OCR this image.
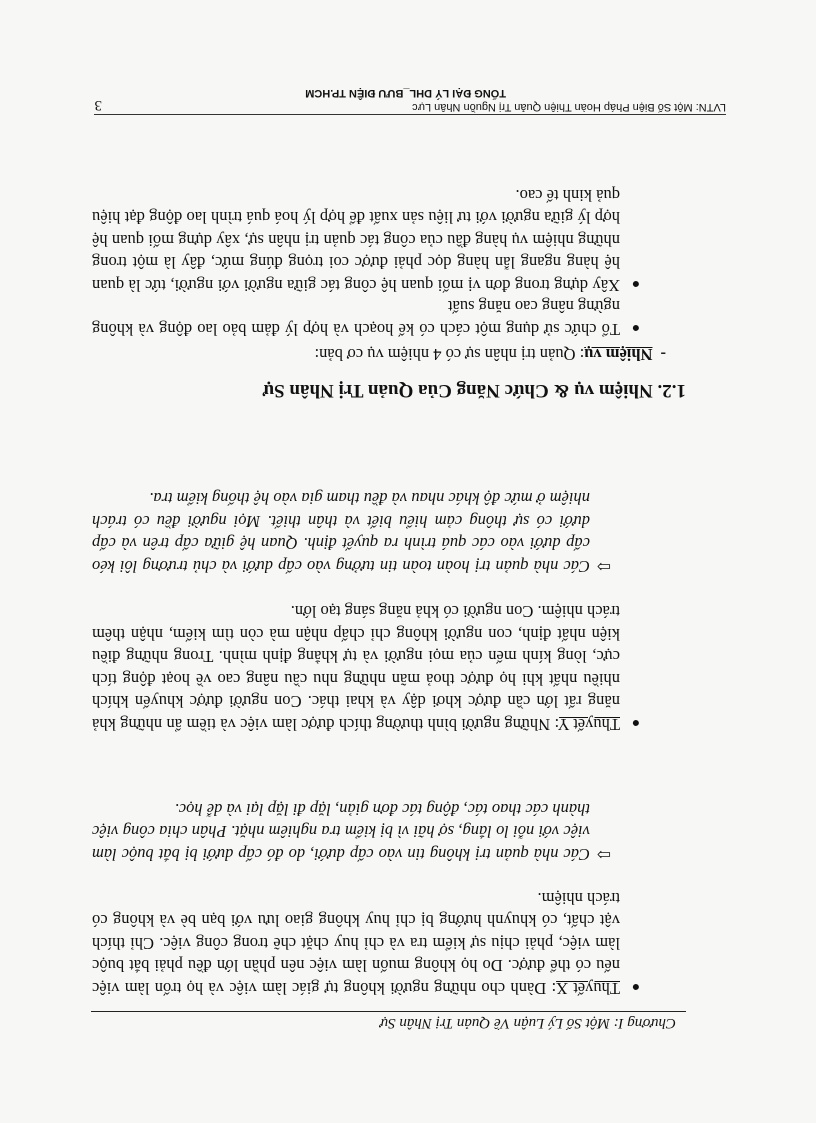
Chương I: Một Số Lý Luận Về Quản Trị Nhân Sự
●
Thuyết X: Dành cho những người không tự giác làm việc và họ trốn làm việc nếu có thể được. Do họ không muốn làm việc nên phần lớn đều phải bắt buộc làm việc, phải chịu sự kiểm tra và chỉ huy chặt chẽ trong công việc. Chỉ thích vật chất, có khuynh hướng bị chỉ huy không giao lưu với bạn bè và không có trách nhiệm.
⇨
Các nhà quản trị không tin vào cấp dưới, do đó cấp dưới bị bắt buộc làm việc với nỗi lo lắng, sợ hãi vì bị kiểm tra nghiêm nhặt. Phân chia công việc thành các thao tác, động tác đơn giản, lặp đi lặp lại và dễ học.
●
Thuyết Y: Những người bình thường thích được làm việc và tiềm ẩn những khả năng rất lớn cần được khơi dậy và khai thác. Con người được khuyến khích nhiều nhất khi họ được thoả mãn những nhu cầu nâng cao về hoạt động tích cực, lòng kính mến của mọi người và tự khẳng định mình. Trong những điều kiện nhất định, con người không chỉ chấp nhận mà còn tìm kiếm, nhận thêm trách nhiệm. Con người có khả năng sáng tạo lớn.
⇨
Các nhà quản trị hoàn toàn tin tưởng vào cấp dưới và chủ trương lôi kéo cấp dưới vào các quá trình ra quyết định. Quan hệ giữa cấp trên và cấp dưới có sự thông cảm hiểu biết và thân thiết. Mọi người đều có trách nhiệm ở mức độ khác nhau và đều tham gia vào hệ thống kiểm tra.
1.2. Nhiệm vụ & Chức Năng Của Quản Trị Nhân Sự
-Nhiệm vụ: Quản trị nhân sự có 4 nhiệm vụ cơ bản:
●
Tổ chức sử dụng một cách có kế hoạch và hợp lý đảm bảo lao động và không ngừng nâng cao năng suất
●
Xây dựng trong đơn vị mối quan hệ công tác giữa người với người, tức là quan hệ hàng ngang lẫn hàng dọc phải được coi trọng đúng mức, đây là một trong những nhiệm vụ hàng đầu của công tác quản trị nhân sự, xây dựng mối quan hệ hợp lý giữa người với tư liệu sản xuất để hợp lý hoá quá trình lao động đạt hiệu quả kinh tế cao.
LVTN: Một Số Biện Pháp Hoàn Thiện Quản Trị Nguồn Nhân Lực
TỔNG ĐẠI LÝ DHL_BƯU ĐIỆN TP.HCM
3
